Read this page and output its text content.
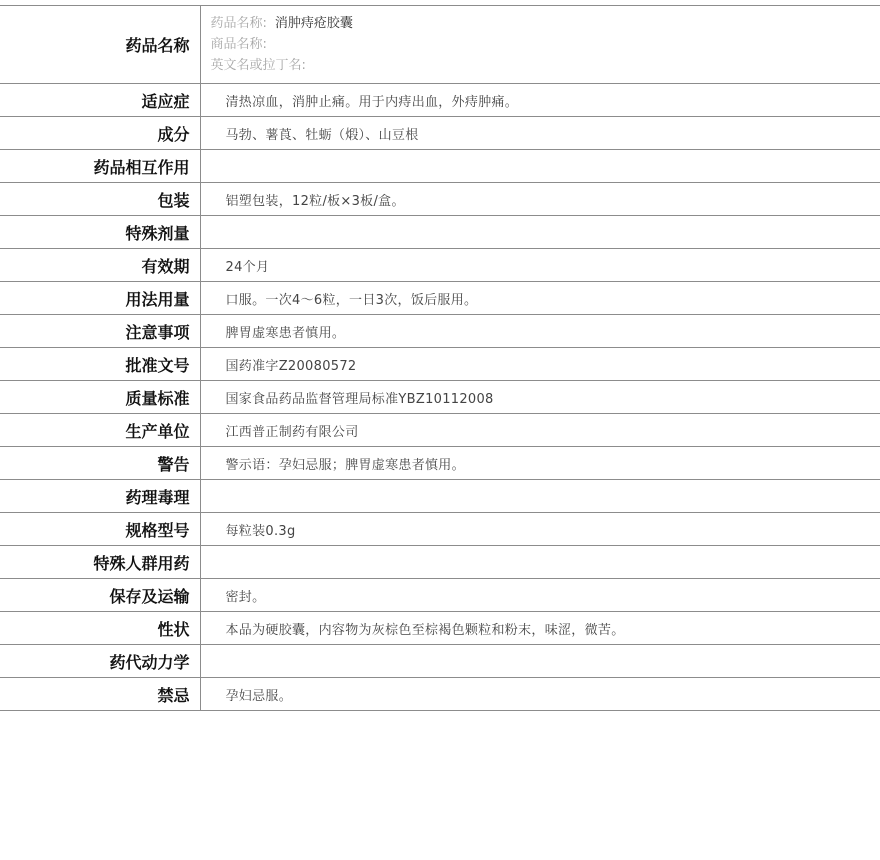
药品名称	药品名称: 消肿痔疮胶囊
商品名称:
英文名或拉丁名:

适应症	清热凉血，消肿止痛。用于内痔出血，外痔肿痛。
成分	马勃、薯莨、牡蛎（煅）、山豆根
药品相互作用	
包装	铝塑包装，12粒/板×3板/盒。
特殊剂量	
有效期	24个月
用法用量	口服。一次4～6粒，一日3次，饭后服用。
注意事项	脾胃虚寒患者慎用。
批准文号	国药准字Z20080572
质量标准	国家食品药品监督管理局标准YBZ10112008
生产单位	江西普正制药有限公司
警告	警示语：孕妇忌服；脾胃虚寒患者慎用。
药理毒理	
规格型号	每粒装0.3g
特殊人群用药	
保存及运输	密封。
性状	本品为硬胶囊，内容物为灰棕色至棕褐色颗粒和粉末，味涩，微苦。
药代动力学	
禁忌	孕妇忌服。
